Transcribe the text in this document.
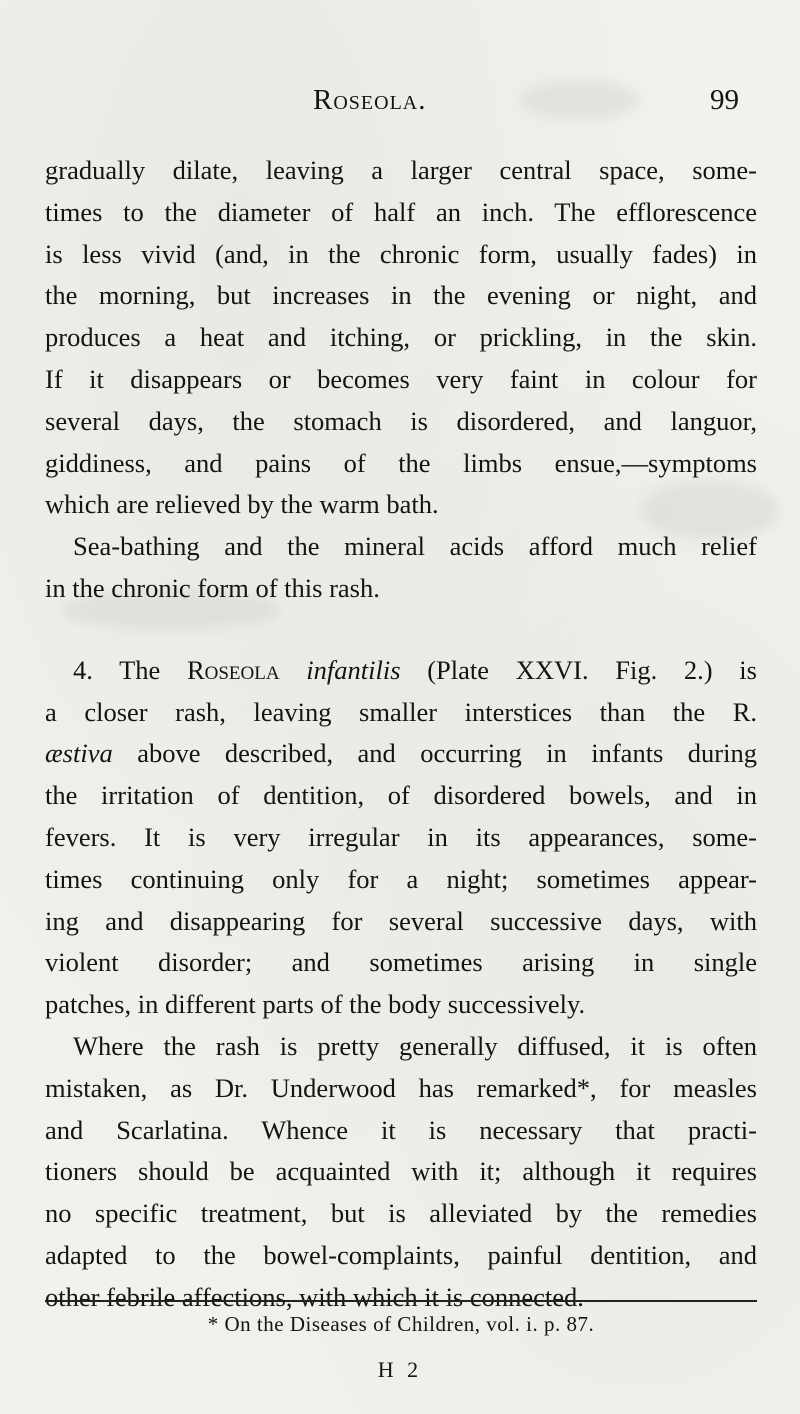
Roseola.	99
gradually dilate, leaving a larger central space, some-
times to the diameter of half an inch. The efflorescence
is less vivid (and, in the chronic form, usually fades) in
the morning, but increases in the evening or night, and
produces a heat and itching, or prickling, in the skin.
If it disappears or becomes very faint in colour for
several days, the stomach is disordered, and languor,
giddiness, and pains of the limbs ensue,—symptoms
which are relieved by the warm bath.
Sea-bathing and the mineral acids afford much relief
in the chronic form of this rash.
4. The Roseola infantilis (Plate XXVI. Fig. 2.) is
a closer rash, leaving smaller interstices than the R.
æstiva above described, and occurring in infants during
the irritation of dentition, of disordered bowels, and in
fevers. It is very irregular in its appearances, some-
times continuing only for a night; sometimes appear-
ing and disappearing for several successive days, with
violent disorder; and sometimes arising in single
patches, in different parts of the body successively.
Where the rash is pretty generally diffused, it is often
mistaken, as Dr. Underwood has remarked*, for measles
and Scarlatina. Whence it is necessary that practi-
tioners should be acquainted with it; although it requires
no specific treatment, but is alleviated by the remedies
adapted to the bowel-complaints, painful dentition, and
other febrile affections, with which it is connected.
* On the Diseases of Children, vol. i. p. 87.
H 2
